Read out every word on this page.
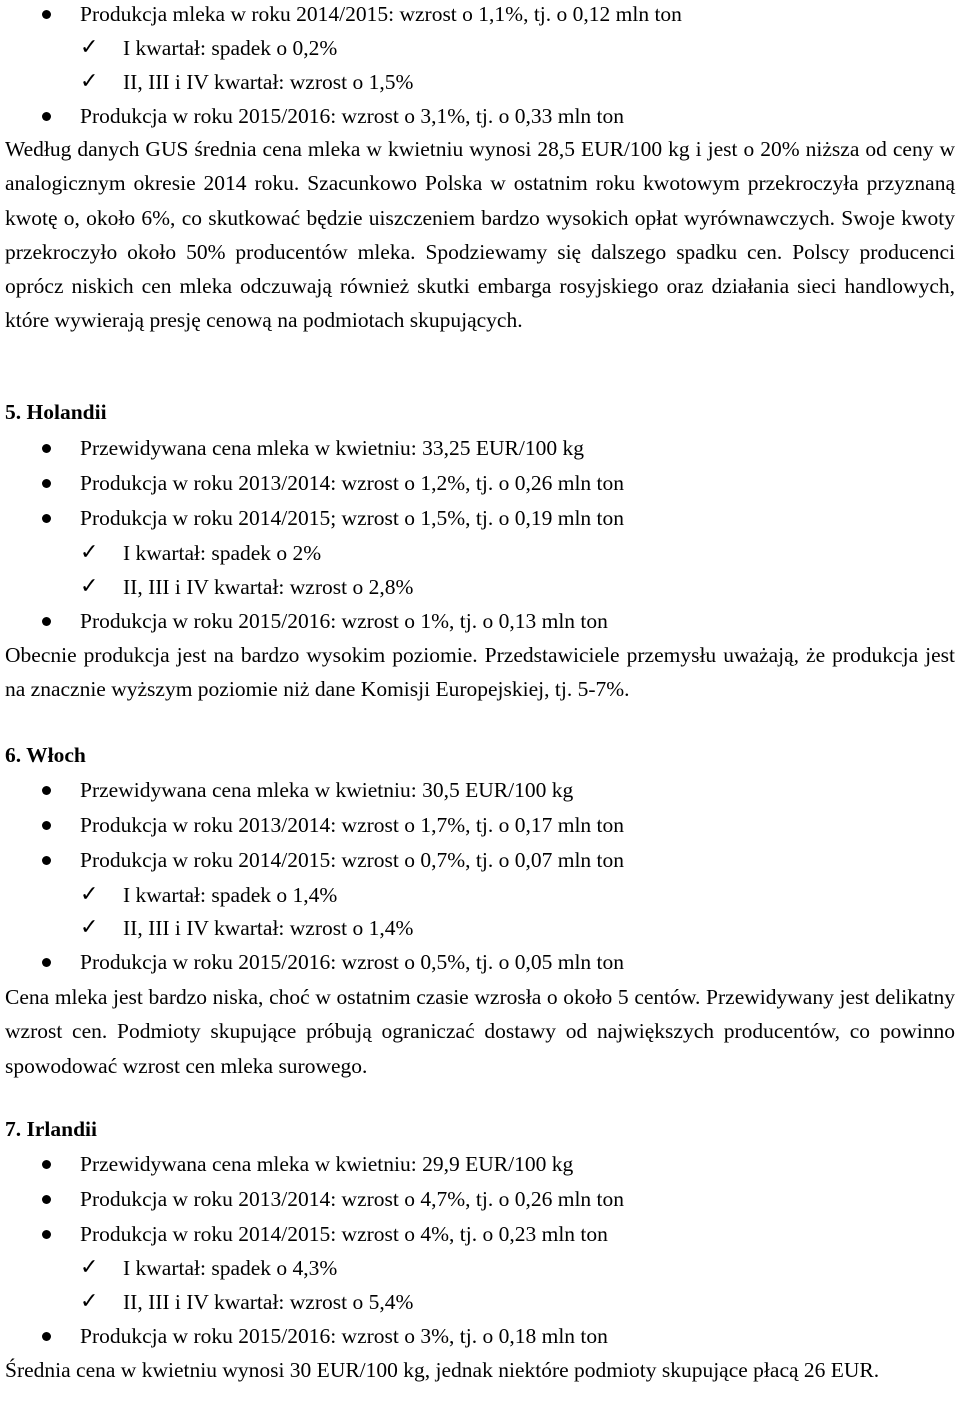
Produkcja mleka w roku 2014/2015: wzrost o 1,1%, tj. o 0,12 mln ton
✓ I kwartał: spadek o 0,2%
✓ II, III i IV kwartał: wzrost o 1,5%
Produkcja w roku 2015/2016: wzrost o 3,1%, tj. o 0,33 mln ton
Według danych GUS średnia cena mleka w kwietniu wynosi 28,5 EUR/100 kg i jest o 20% niższa od ceny w analogicznym okresie 2014 roku. Szacunkowo Polska w ostatnim roku kwotowym przekroczyła przyznaną kwotę o, około 6%, co skutkować będzie uiszczeniem bardzo wysokich opłat wyrównawczych. Swoje kwoty przekroczyło około 50% producentów mleka. Spodziewamy się dalszego spadku cen. Polscy producenci oprócz niskich cen mleka odczuwają również skutki embarga rosyjskiego oraz działania sieci handlowych, które wywierają presję cenową na podmiotach skupujących.
5. Holandii
Przewidywana cena mleka w kwietniu: 33,25 EUR/100 kg
Produkcja w roku 2013/2014: wzrost o 1,2%, tj. o 0,26 mln ton
Produkcja w roku 2014/2015; wzrost o 1,5%, tj. o 0,19 mln ton
✓ I kwartał: spadek o 2%
✓ II, III i IV kwartał: wzrost o 2,8%
Produkcja w roku 2015/2016: wzrost o 1%, tj. o 0,13 mln ton
Obecnie produkcja jest na bardzo wysokim poziomie. Przedstawiciele przemysłu uważają, że produkcja jest na znacznie wyższym poziomie niż dane Komisji Europejskiej, tj. 5-7%.
6. Włoch
Przewidywana cena mleka w kwietniu: 30,5 EUR/100 kg
Produkcja w roku 2013/2014: wzrost o 1,7%, tj. o 0,17 mln ton
Produkcja w roku 2014/2015: wzrost o 0,7%, tj. o 0,07 mln ton
✓ I kwartał: spadek o 1,4%
✓ II, III i IV kwartał: wzrost o 1,4%
Produkcja w roku 2015/2016: wzrost o 0,5%, tj. o 0,05 mln ton
Cena mleka jest bardzo niska, choć w ostatnim czasie wzrosła o około 5 centów. Przewidywany jest delikatny wzrost cen. Podmioty skupujące próbują ograniczać dostawy od największych producentów, co powinno spowodować wzrost cen mleka surowego.
7. Irlandii
Przewidywana cena mleka w kwietniu: 29,9 EUR/100 kg
Produkcja w roku 2013/2014: wzrost o 4,7%, tj. o 0,26 mln ton
Produkcja w roku 2014/2015: wzrost o 4%, tj. o 0,23 mln ton
✓ I kwartał: spadek o 4,3%
✓ II, III i IV kwartał: wzrost o 5,4%
Produkcja w roku 2015/2016: wzrost o 3%, tj. o 0,18 mln ton
Średnia cena w kwietniu wynosi 30 EUR/100 kg, jednak niektóre podmioty skupujące płacą 26 EUR.
